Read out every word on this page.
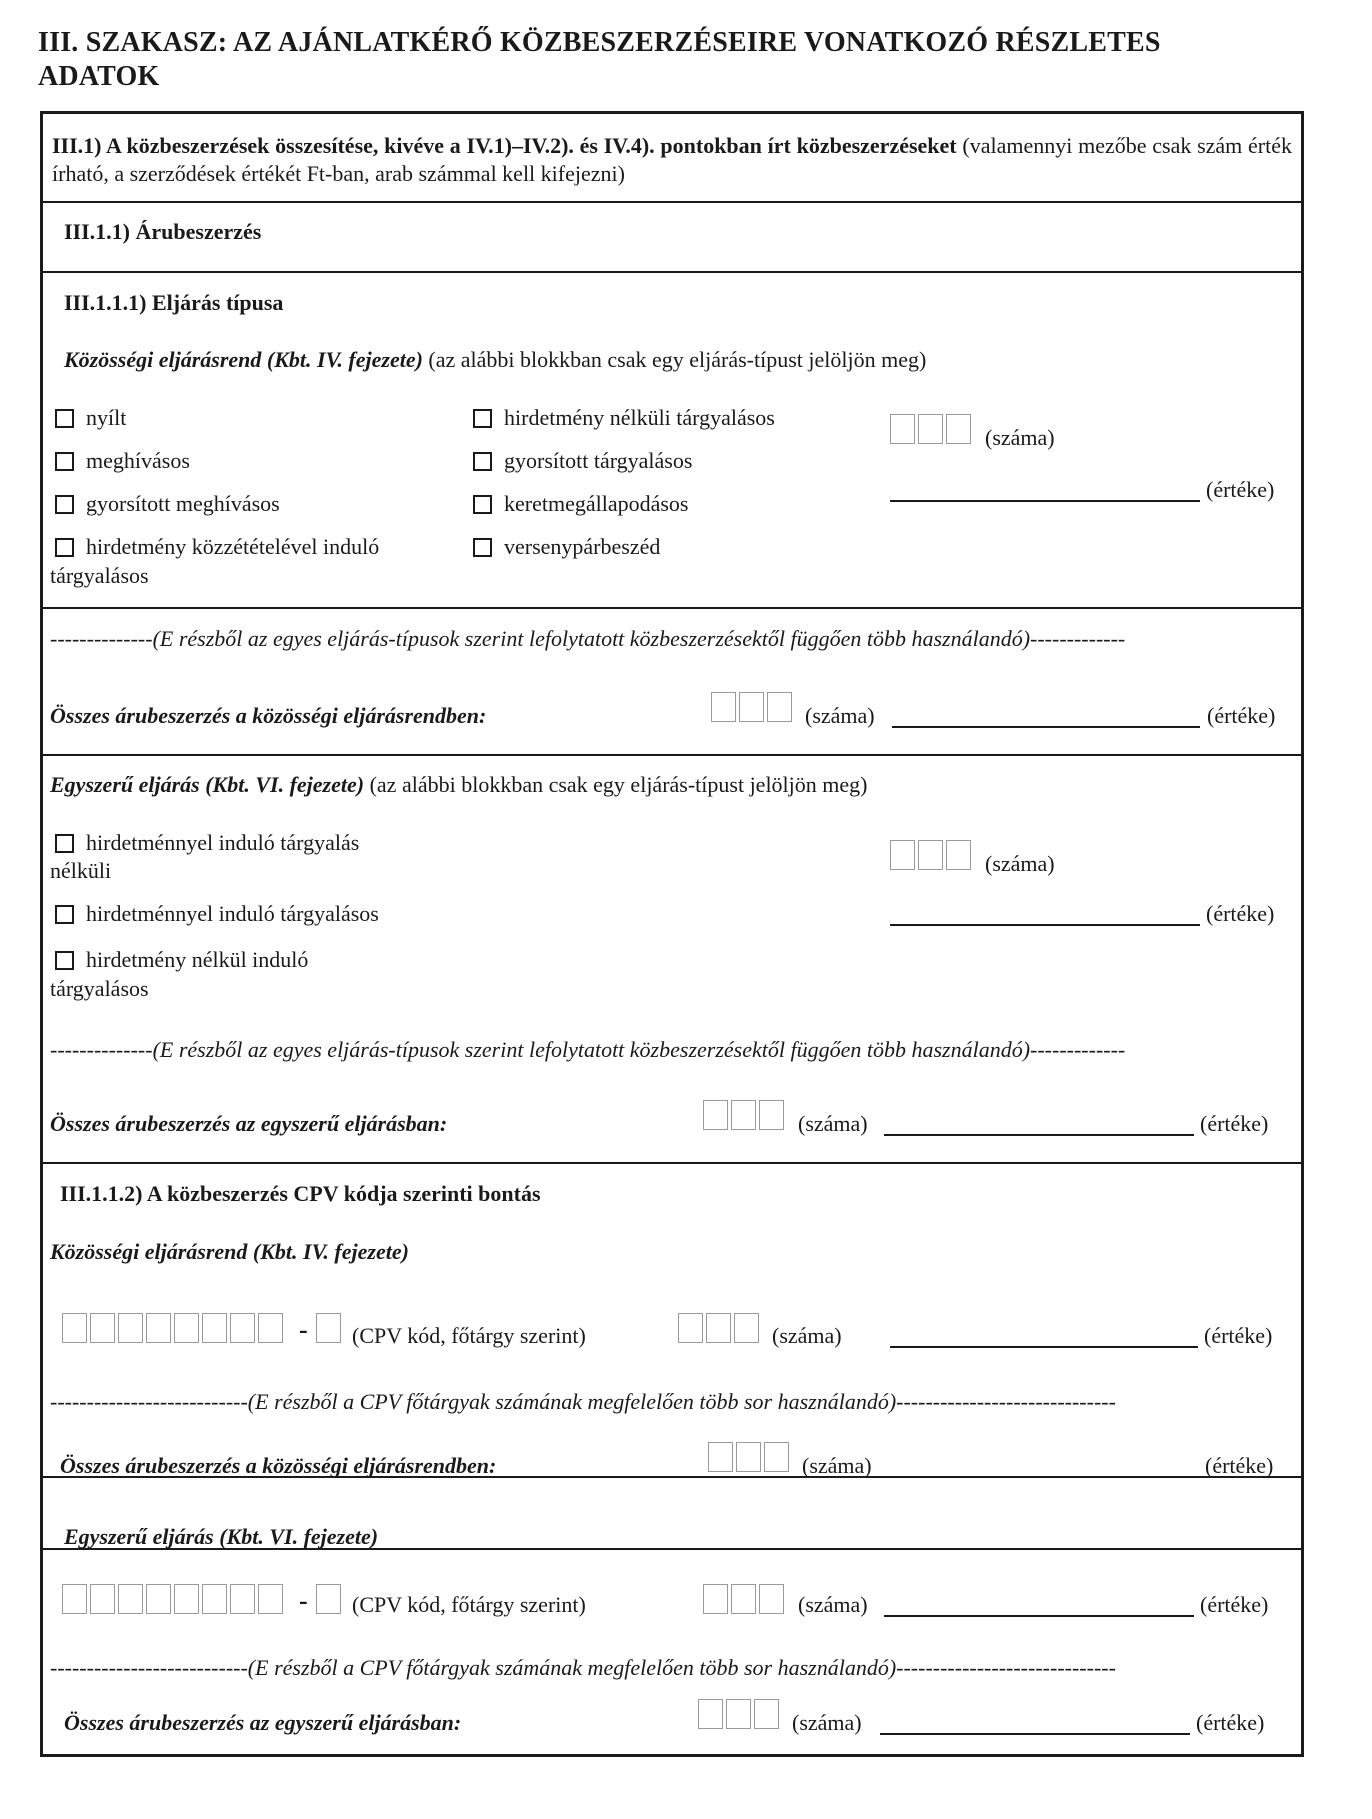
III. SZAKASZ: AZ AJÁNLATKÉRŐ KÖZBESZERZÉSEIRE VONATKOZÓ RÉSZLETES ADATOK
III.1) A közbeszerzések összesítése, kivéve a IV.1)–IV.2). és IV.4). pontokban írt közbeszerzéseket (valamennyi mezőbe csak szám érték írható, a szerződések értékét Ft-ban, arab számmal kell kifejezni)
III.1.1) Árubeszerzés
III.1.1.1) Eljárás típusa
Közösségi eljárásrend (Kbt. IV. fejezete) (az alábbi blokkban csak egy eljárás-típust jelöljön meg)
nyílt
meghívásos
gyorsított meghívásos
hirdetmény közzétételével induló
tárgyalásos
hirdetmény nélküli tárgyalásos
gyorsított tárgyalásos
keretmegállapodásos
versenypárbeszéd
(száma)
(értéke)
--------------(E részből az egyes eljárás-típusok szerint lefolytatott közbeszerzésektől függően több használandó)-------------
Összes árubeszerzés a közösségi eljárásrendben:	(száma)	(értéke)
Egyszerű eljárás (Kbt. VI. fejezete) (az alábbi blokkban csak egy eljárás-típust jelöljön meg)
hirdetménnyel induló tárgyalás
nélküli
hirdetménnyel induló tárgyalásos
hirdetmény nélkül induló
tárgyalásos
(száma)
(értéke)
--------------(E részből az egyes eljárás-típusok szerint lefolytatott közbeszerzésektől függően több használandó)-------------
Összes árubeszerzés az egyszerű eljárásban:	(száma)	(értéke)
III.1.1.2) A közbeszerzés CPV kódja szerinti bontás
Közösségi eljárásrend (Kbt. IV. fejezete)
- (CPV kód, főtárgy szerint)	(száma)	(értéke)
---------------------------(E részből a CPV főtárgyak számának megfelelően több sor használandó)------------------------------
Összes árubeszerzés a közösségi eljárásrendben:	(száma)	(értéke)
Egyszerű eljárás (Kbt. VI. fejezete)
- (CPV kód, főtárgy szerint)	(száma)	(értéke)
---------------------------(E részből a CPV főtárgyak számának megfelelően több sor használandó)------------------------------
Összes árubeszerzés az egyszerű eljárásban:	(száma)	(értéke)
